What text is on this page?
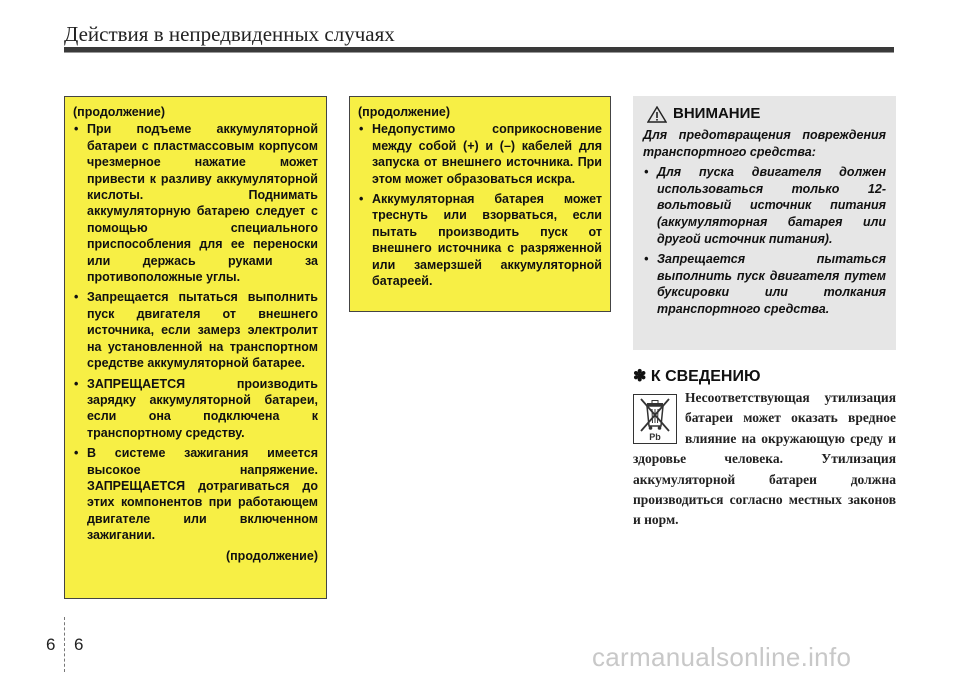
Действия в непредвиденных случаях
(продолжение)
• При подъеме аккумуляторной батареи с пластмассовым корпусом чрезмерное нажатие может привести к разливу аккумуляторной кислоты. Поднимать аккумуляторную батарею следует с помощью специального приспособления для ее переноски или держась руками за противоположные углы.
• Запрещается пытаться выполнить пуск двигателя от внешнего источника, если замерз электролит на установленной на транспортном средстве аккумуляторной батарее.
• ЗАПРЕЩАЕТСЯ производить зарядку аккумуляторной батареи, если она подключена к транспортному средству.
• В системе зажигания имеется высокое напряжение. ЗАПРЕЩАЕТСЯ дотрагиваться до этих компонентов при работающем двигателе или включенном зажигании.
(продолжение)
(продолжение)
• Недопустимо соприкосновение между собой (+) и (–) кабелей для запуска от внешнего источника. При этом может образоваться искра.
• Аккумуляторная батарея может треснуть или взорваться, если пытать производить пуск от внешнего источника с разряженной или замерзшей аккумуляторной батареей.
ВНИМАНИЕ
Для предотвращения повреждения транспортного средства:
• Для пуска двигателя должен использоваться только 12-вольтовый источник питания (аккумуляторная батарея или другой источник питания).
• Запрещается пытаться выполнить пуск двигателя путем буксировки или толкания транспортного средства.
✽ К СВЕДЕНИЮ
Pb
Несоответствующая утилизация батареи может оказать вредное влияние на окружающую среду и здоровье человека. Утилизация аккумуляторной батареи должна производиться согласно местных законов и норм.
6 6	carmanualsonline.info
